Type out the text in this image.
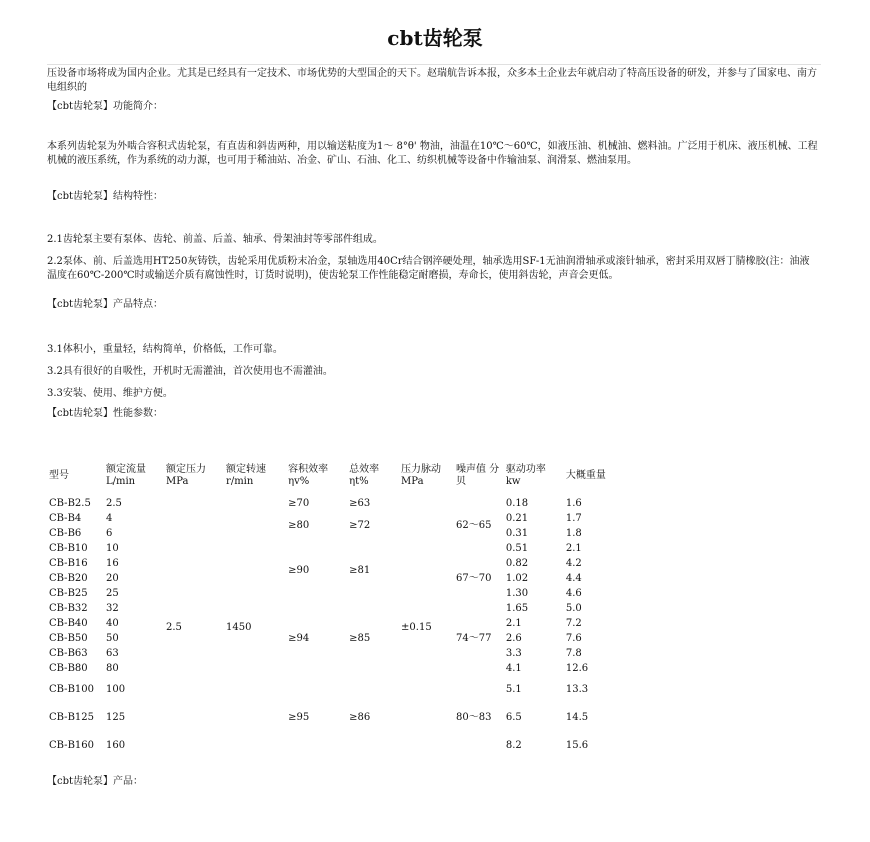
cbt齿轮泵

压设备市场将成为国内企业。尤其是已经具有一定技术、市场优势的大型国企的天下。赵瑞航告诉本报，众多本土企业去年就启动了特高压设备的研发，并参与了国家电、南方电组织的

【cbt齿轮泵】功能简介：

本系列齿轮泵为外啮合容积式齿轮泵，有直齿和斜齿两种，用以输送粘度为1～ 8°θ' 物油，油温在10℃～60℃，如液压油、机械油、燃料油。广泛用于机床、液压机械、工程机械的液压系统，作为系统的动力源，也可用于稀油站、冶金、矿山、石油、化工、纺织机械等设备中作输油泵、润滑泵、燃油泵用。

【cbt齿轮泵】结构特性：

2.1齿轮泵主要有泵体、齿轮、前盖、后盖、轴承、骨架油封等零部件组成。

2.2泵体、前、后盖选用HT250灰铸铁，齿轮采用优质粉末冶金，泵轴选用40Cr结合钢淬硬处理，轴承选用SF-1无油润滑轴承或滚针轴承，密封采用双唇丁腈橡胶(注：油液温度在60℃-200℃时或输送介质有腐蚀性时，订货时说明)，使齿轮泵工作性能稳定耐磨损，寿命长，使用斜齿轮，声音会更低。

【cbt齿轮泵】产品特点：

3.1体积小，重量轻，结构简单，价格低，工作可靠。

3.2具有很好的自吸性，开机时无需灌油，首次使用也不需灌油。

3.3安装、使用、维护方便。

【cbt齿轮泵】性能参数：

型号	额定流量 L/min	额定压力 MPa	额定转速 r/min	容积效率 ηv%	总效率 ηt%	压力脉动 MPa	噪声值 分贝	驱动功率 kw	大概重量
CB-B2.5	2.5	2.5	1450	≥70	≥63	±0.15		0.18	1.6
CB-B4	4			≥80	≥72		62～65	0.21	1.7
CB-B6	6							0.31	1.8
CB-B10	10			≥90	≥81			0.51	2.1
CB-B16	16						67～70	0.82	4.2
CB-B20	20							1.02	4.4
CB-B25	25							1.30	4.6
CB-B32	32			≥94	≥85		74～77	1.65	5.0
CB-B40	40							2.1	7.2
CB-B50	50							2.6	7.6
CB-B63	63							3.3	7.8
CB-B80	80							4.1	12.6
CB-B100	100			≥95	≥86		80～83	5.1	13.3
CB-B125	125							6.5	14.5
CB-B160	160							8.2	15.6

【cbt齿轮泵】产品：
